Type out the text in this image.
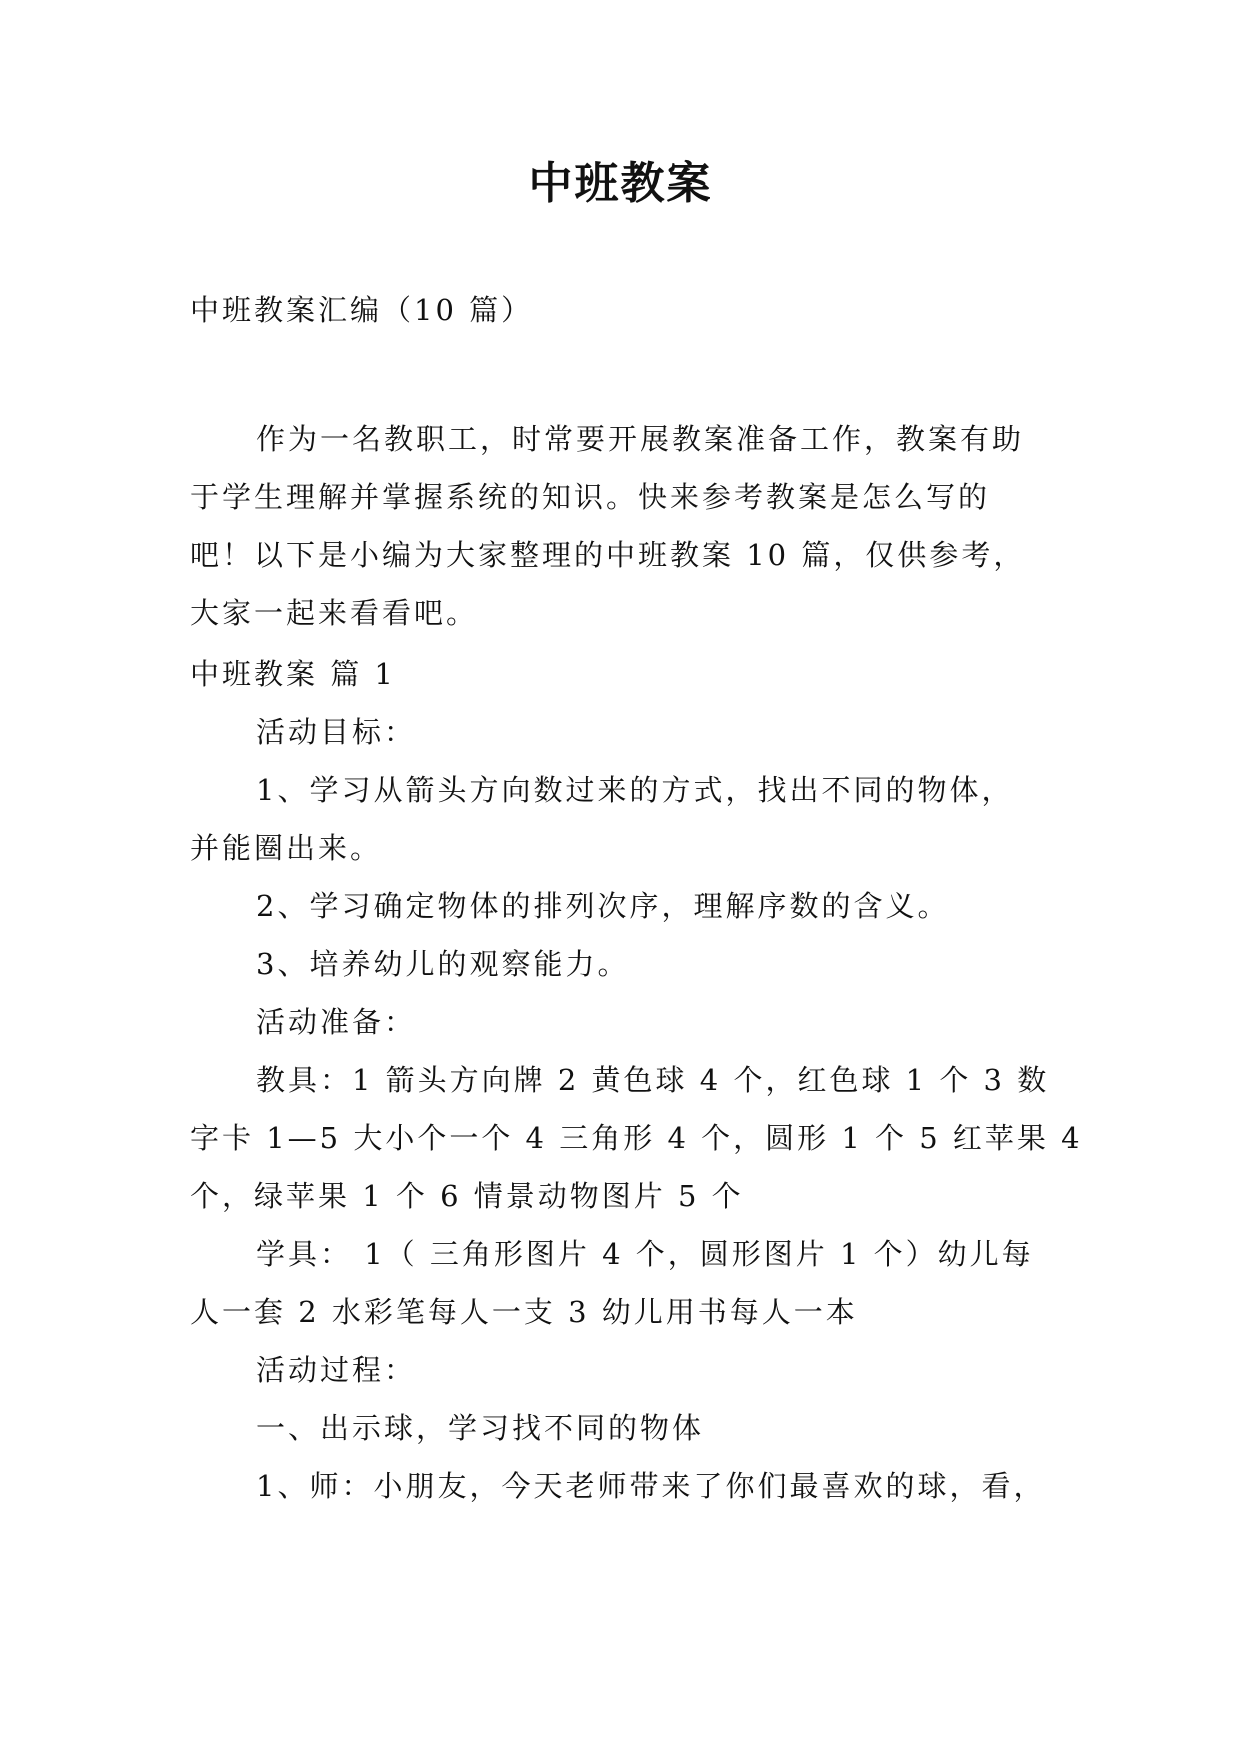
中班教案
中班教案汇编（10 篇）
作为一名教职工，时常要开展教案准备工作，教案有助
于学生理解并掌握系统的知识。快来参考教案是怎么写的
吧！以下是小编为大家整理的中班教案 10 篇，仅供参考，
大家一起来看看吧。
中班教案 篇 1
活动目标：
1、学习从箭头方向数过来的方式，找出不同的物体，
并能圈出来。
2、学习确定物体的排列次序，理解序数的含义。
3、培养幼儿的观察能力。
活动准备：
教具：1 箭头方向牌 2 黄色球 4 个，红色球 1 个 3 数
字卡 1—5 大小个一个 4 三角形 4 个，圆形 1 个 5 红苹果 4
个，绿苹果 1 个 6 情景动物图片 5 个
学具： 1（ 三角形图片 4 个，圆形图片 1 个）幼儿每
人一套 2 水彩笔每人一支 3 幼儿用书每人一本
活动过程：
一、出示球，学习找不同的物体
1、师：小朋友，今天老师带来了你们最喜欢的球，看，
